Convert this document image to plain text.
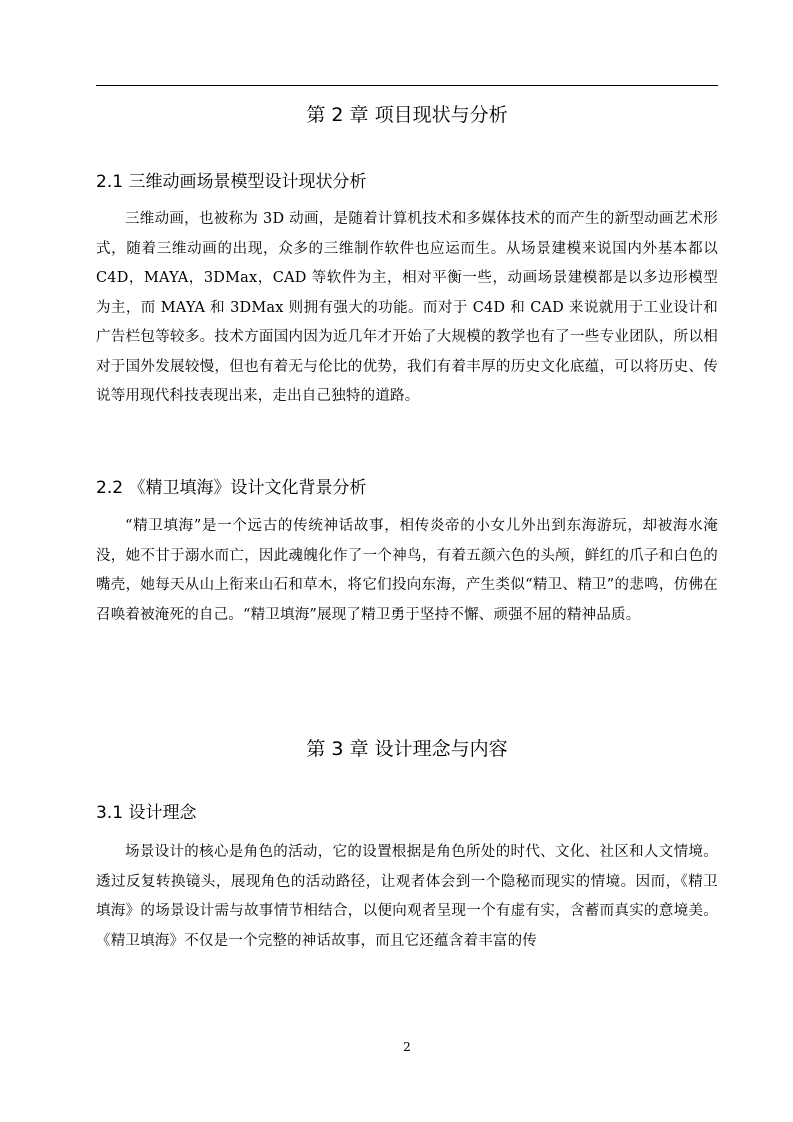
第 2 章 项目现状与分析
2.1 三维动画场景模型设计现状分析

三维动画，也被称为 3D 动画，是随着计算机技术和多媒体技术的而产生的新型动画艺术形式，随着三维动画的出现，众多的三维制作软件也应运而生。从场景建模来说国内外基本都以 C4D，MAYA，3DMax，CAD 等软件为主，相对平衡一些，动画场景建模都是以多边形模型为主，而 MAYA 和 3DMax 则拥有强大的功能。而对于 C4D 和 CAD 来说就用于工业设计和广告栏包等较多。技术方面国内因为近几年才开始了大规模的教学也有了一些专业团队，所以相对于国外发展较慢，但也有着无与伦比的优势，我们有着丰厚的历史文化底蕴，可以将历史、传说等用现代科技表现出来，走出自己独特的道路。

2.2 《精卫填海》设计文化背景分析

“精卫填海”是一个远古的传统神话故事，相传炎帝的小女儿外出到东海游玩，却被海水淹没，她不甘于溺水而亡，因此魂魄化作了一个神鸟，有着五颜六色的头颅，鲜红的爪子和白色的嘴壳，她每天从山上衔来山石和草木，将它们投向东海，产生类似“精卫、精卫”的悲鸣，仿佛在召唤着被淹死的自己。“精卫填海”展现了精卫勇于坚持不懈、顽强不屈的精神品质。

第 3 章 设计理念与内容
3.1 设计理念

场景设计的核心是角色的活动，它的设置根据是角色所处的时代、文化、社区和人文情境。透过反复转换镜头，展现角色的活动路径，让观者体会到一个隐秘而现实的情境。因而，《精卫填海》的场景设计需与故事情节相结合，以便向观者呈现一个有虚有实，含蓄而真实的意境美。《精卫填海》不仅是一个完整的神话故事，而且它还蕴含着丰富的传

2
